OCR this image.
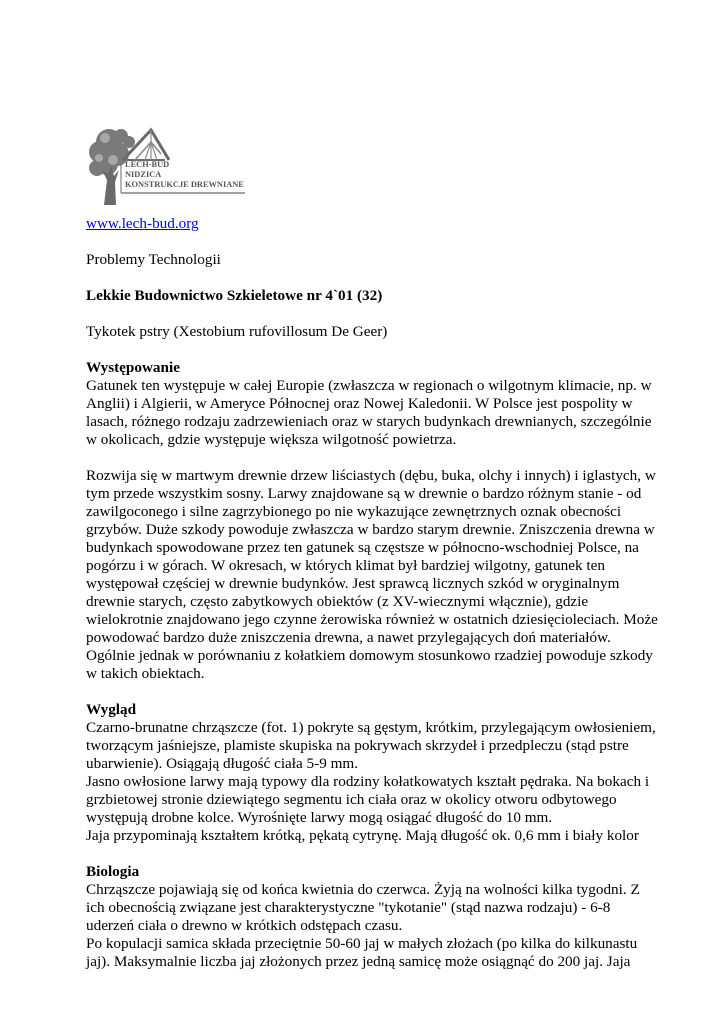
LECH-BUD
NIDZICA
KONSTRUKCJE DREWNIANE
www.lech-bud.org

Problemy Technologii

Lekkie Budownictwo Szkieletowe nr 4`01 (32)

Tykotek pstry (Xestobium rufovillosum De Geer)

Występowanie

Gatunek ten występuje w całej Europie (zwłaszcza w regionach o wilgotnym klimacie, np. w
Anglii) i Algierii, w Ameryce Północnej oraz Nowej Kaledonii. W Polsce jest pospolity w
lasach, różnego rodzaju zadrzewieniach oraz w starych budynkach drewnianych, szczególnie
w okolicach, gdzie występuje większa wilgotność powietrza.

Rozwija się w martwym drewnie drzew liściastych (dębu, buka, olchy i innych) i iglastych, w
tym przede wszystkim sosny. Larwy znajdowane są w drewnie o bardzo różnym stanie - od
zawilgoconego i silne zagrzybionego po nie wykazujące zewnętrznych oznak obecności
grzybów. Duże szkody powoduje zwłaszcza w bardzo starym drewnie. Zniszczenia drewna w
budynkach spowodowane przez ten gatunek są częstsze w północno-wschodniej Polsce, na
pogórzu i w górach. W okresach, w których klimat był bardziej wilgotny, gatunek ten
występował częściej w drewnie budynków. Jest sprawcą licznych szkód w oryginalnym
drewnie starych, często zabytkowych obiektów (z XV-wiecznymi włącznie), gdzie
wielokrotnie znajdowano jego czynne żerowiska również w ostatnich dziesięcioleciach. Może
powodować bardzo duże zniszczenia drewna, a nawet przylegających doń materiałów.
Ogólnie jednak w porównaniu z kołatkiem domowym stosunkowo rzadziej powoduje szkody
w takich obiektach.

Wygląd

Czarno-brunatne chrząszcze (fot. 1) pokryte są gęstym, krótkim, przylegającym owłosieniem,
tworzącym jaśniejsze, plamiste skupiska na pokrywach skrzydeł i przedpleczu (stąd pstre
ubarwienie). Osiągają długość ciała 5-9 mm.
Jasno owłosione larwy mają typowy dla rodziny kołatkowatych kształt pędraka. Na bokach i
grzbietowej stronie dziewiątego segmentu ich ciała oraz w okolicy otworu odbytowego
występują drobne kolce. Wyrośnięte larwy mogą osiągać długość do 10 mm.
Jaja przypominają kształtem krótką, pękatą cytrynę. Mają długość ok. 0,6 mm i biały kolor

Biologia

Chrząszcze pojawiają się od końca kwietnia do czerwca. Żyją na wolności kilka tygodni. Z
ich obecnością związane jest charakterystyczne "tykotanie" (stąd nazwa rodzaju) - 6-8
uderzeń ciała o drewno w krótkich odstępach czasu.
Po kopulacji samica składa przeciętnie 50-60 jaj w małych złożach (po kilka do kilkunastu
jaj). Maksymalnie liczba jaj złożonych przez jedną samicę może osiągnąć do 200 jaj. Jaja
